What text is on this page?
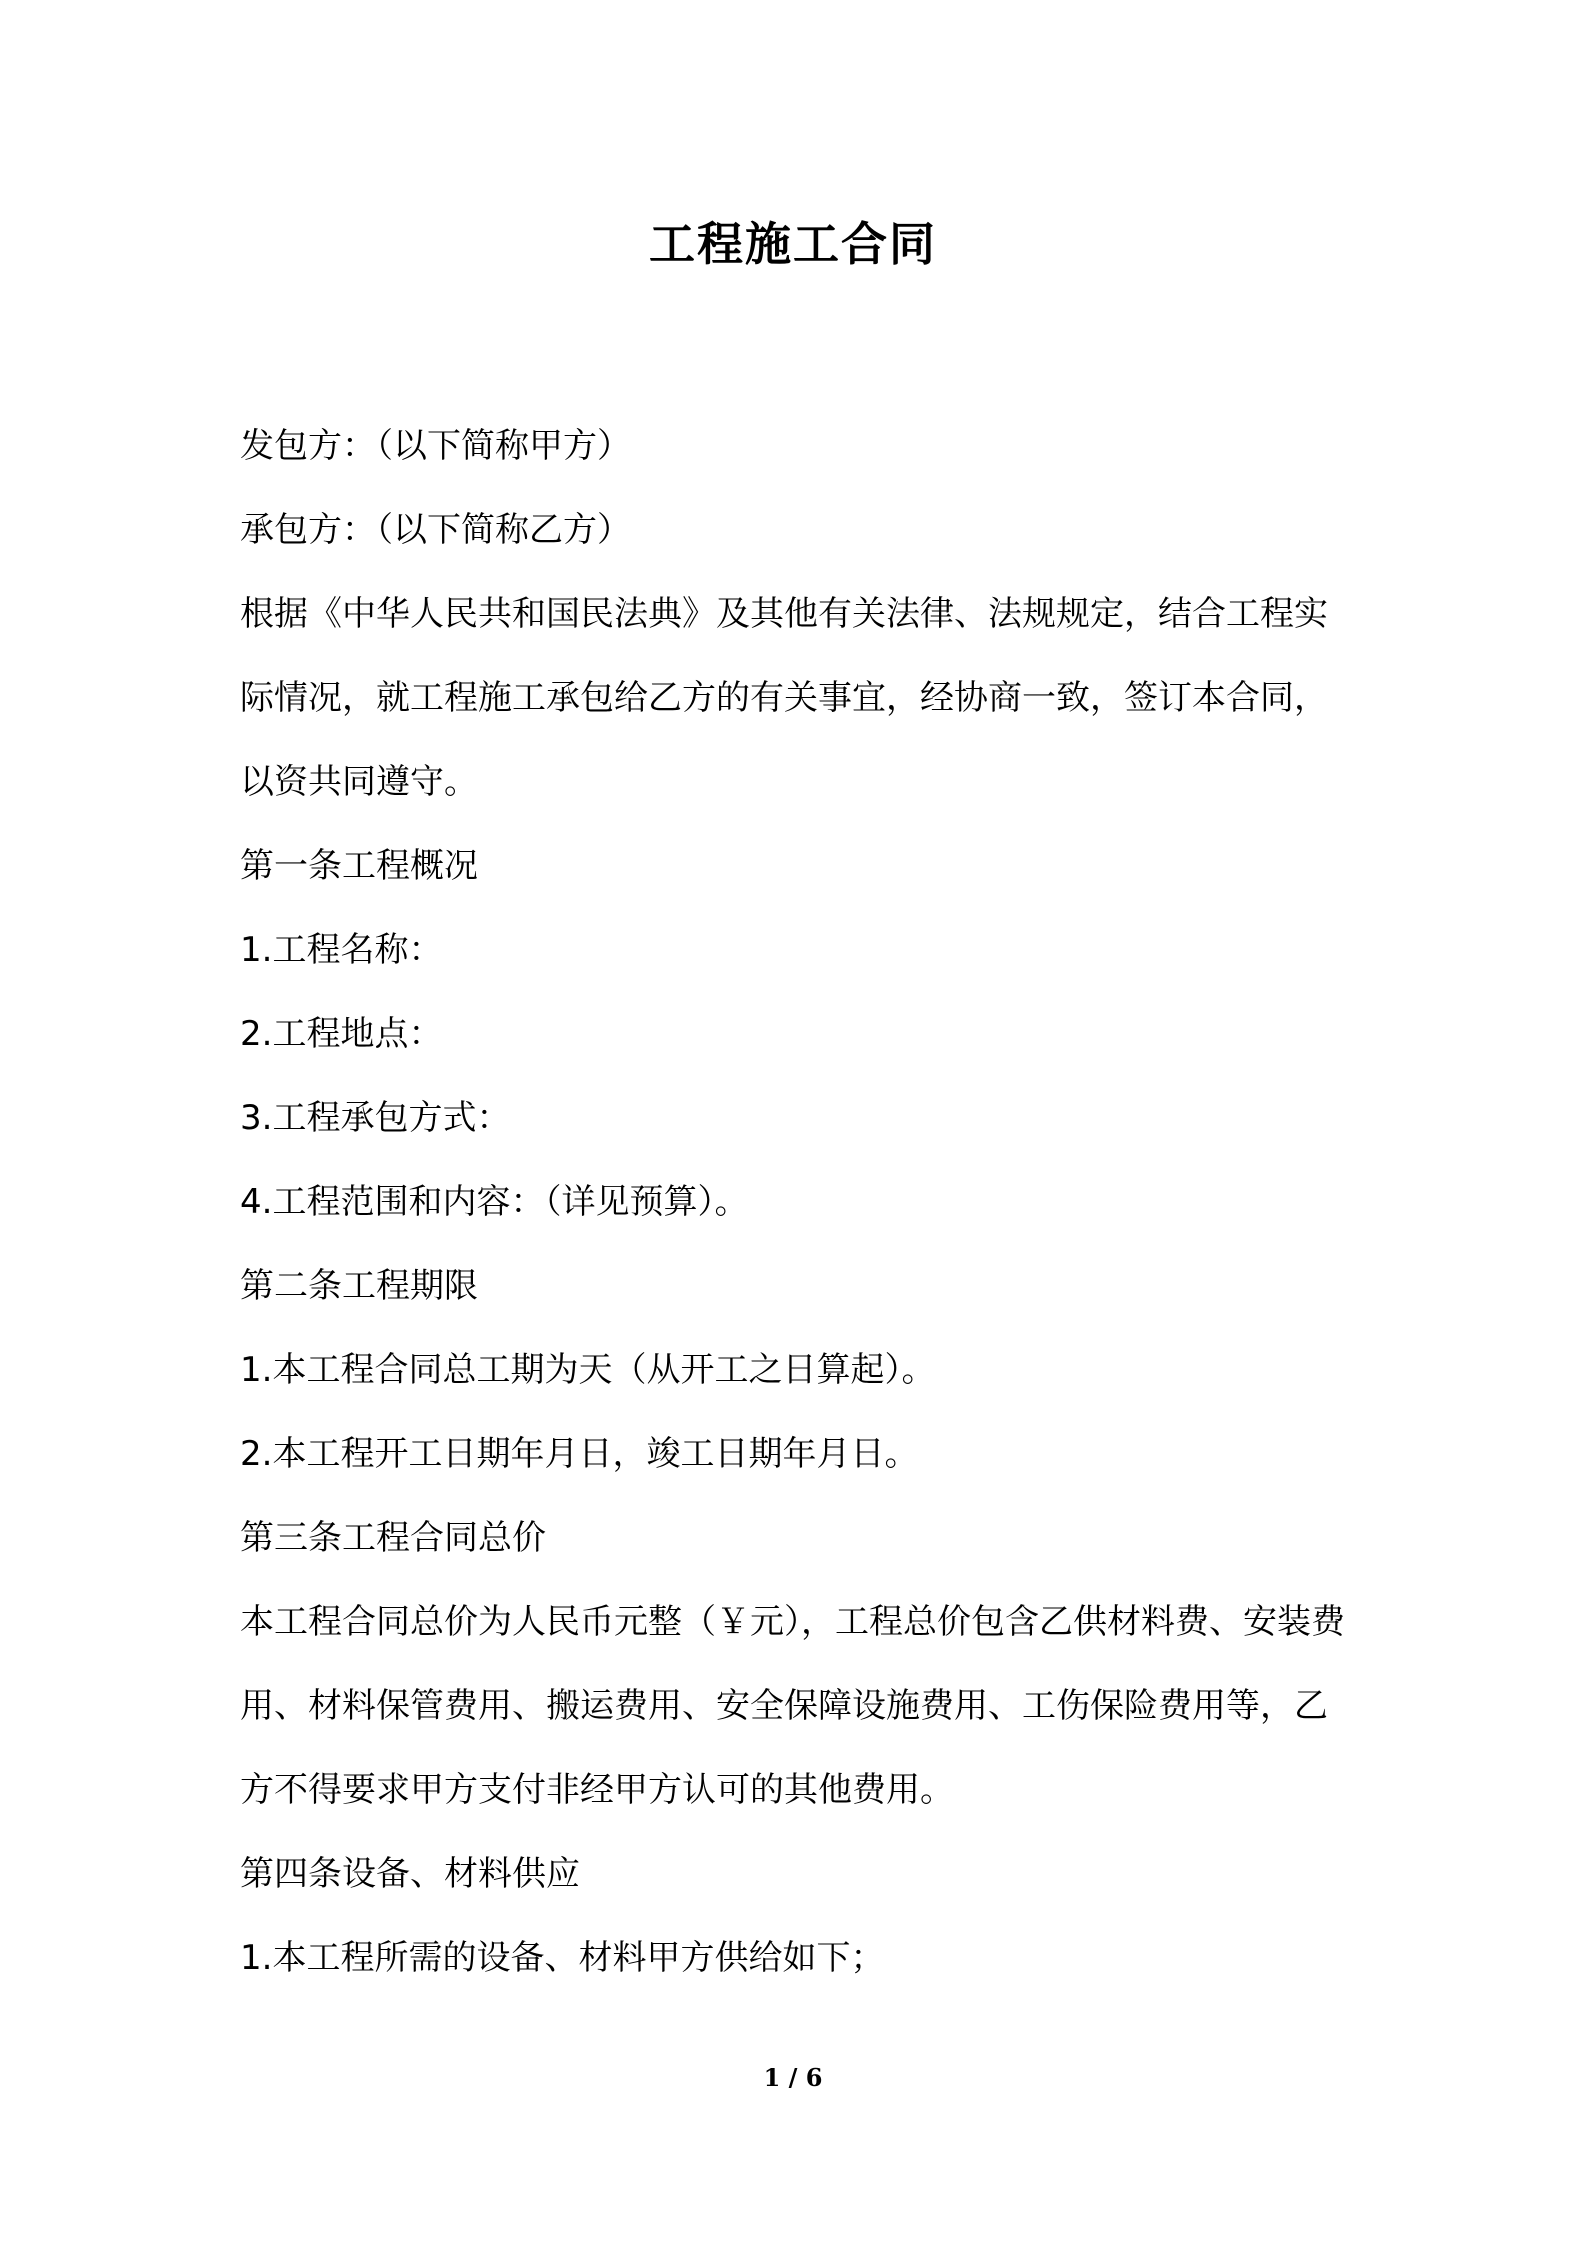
工程施工合同

发包方：（以下简称甲方）

承包方：（以下简称乙方）

根据《中华人民共和国民法典》及其他有关法律、法规规定，结合工程实际情况，就工程施工承包给乙方的有关事宜，经协商一致，签订本合同，以资共同遵守。

第一条工程概况

1.工程名称：

2.工程地点：

3.工程承包方式：

4.工程范围和内容：（详见预算）。

第二条工程期限

1.本工程合同总工期为天（从开工之日算起）。

2.本工程开工日期年月日，竣工日期年月日。

第三条工程合同总价

本工程合同总价为人民币元整（￥元），工程总价包含乙供材料费、安装费用、材料保管费用、搬运费用、安全保障设施费用、工伤保险费用等，乙方不得要求甲方支付非经甲方认可的其他费用。

第四条设备、材料供应

1.本工程所需的设备、材料甲方供给如下；

1 / 6
